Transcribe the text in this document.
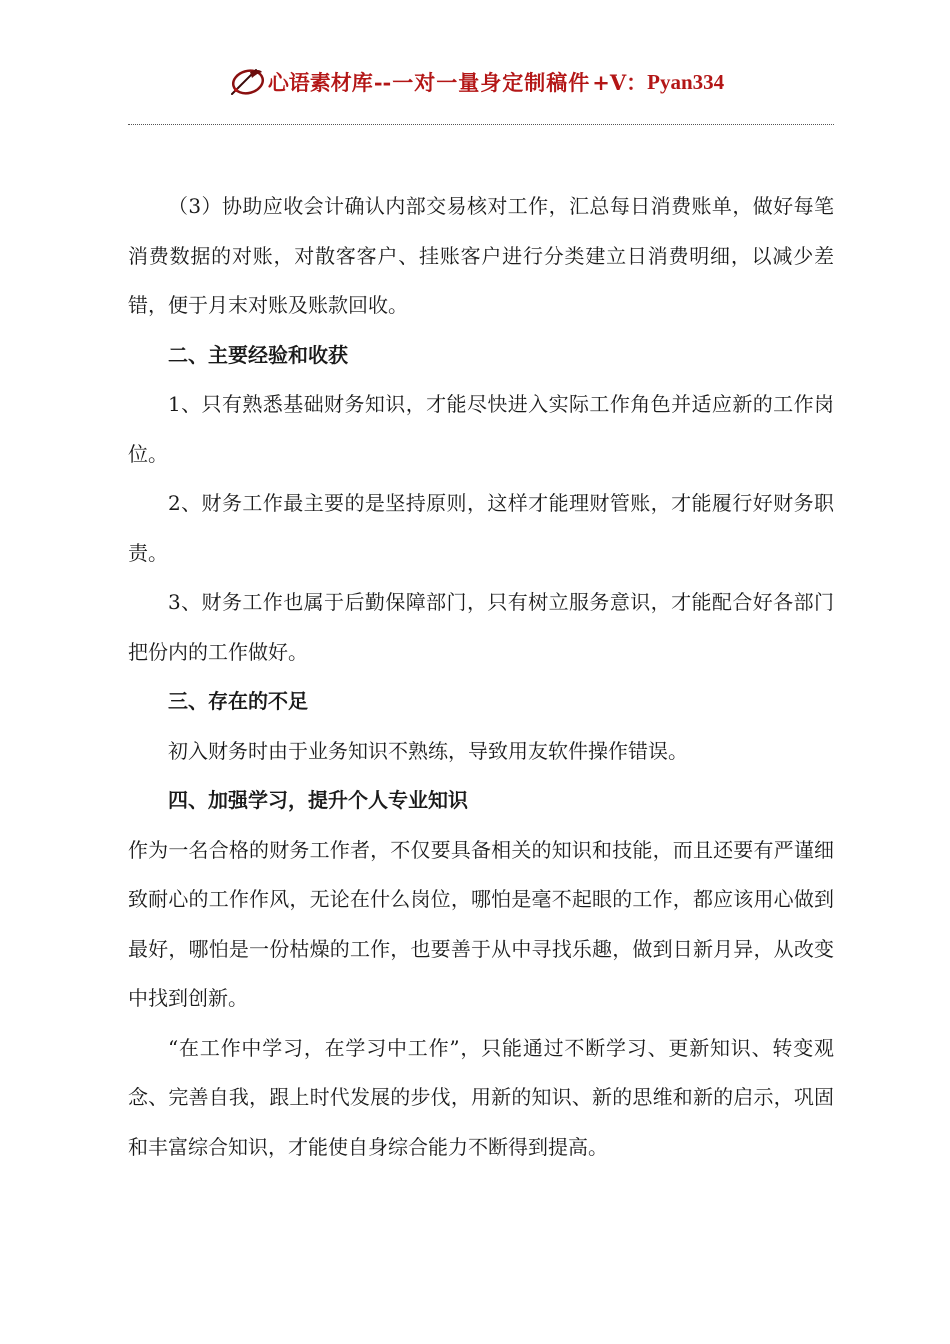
心语素材库 -- 一对一量身定制稿件 + V： Pyan334

（3）协助应收会计确认内部交易核对工作，汇总每日消费账单，做好每笔消费数据的对账，对散客客户、挂账客户进行分类建立日消费明细，以减少差错，便于月末对账及账款回收。

二、主要经验和收获

1、只有熟悉基础财务知识，才能尽快进入实际工作角色并适应新的工作岗位。

2、财务工作最主要的是坚持原则，这样才能理财管账，才能履行好财务职责。

3、财务工作也属于后勤保障部门，只有树立服务意识，才能配合好各部门把份内的工作做好。

三、存在的不足

初入财务时由于业务知识不熟练，导致用友软件操作错误。

四、加强学习，提升个人专业知识

作为一名合格的财务工作者，不仅要具备相关的知识和技能，而且还要有严谨细致耐心的工作作风，无论在什么岗位，哪怕是毫不起眼的工作，都应该用心做到最好，哪怕是一份枯燥的工作，也要善于从中寻找乐趣，做到日新月异，从改变中找到创新。

“在工作中学习，在学习中工作”，只能通过不断学习、更新知识、转变观念、完善自我，跟上时代发展的步伐，用新的知识、新的思维和新的启示，巩固和丰富综合知识，才能使自身综合能力不断得到提高。
